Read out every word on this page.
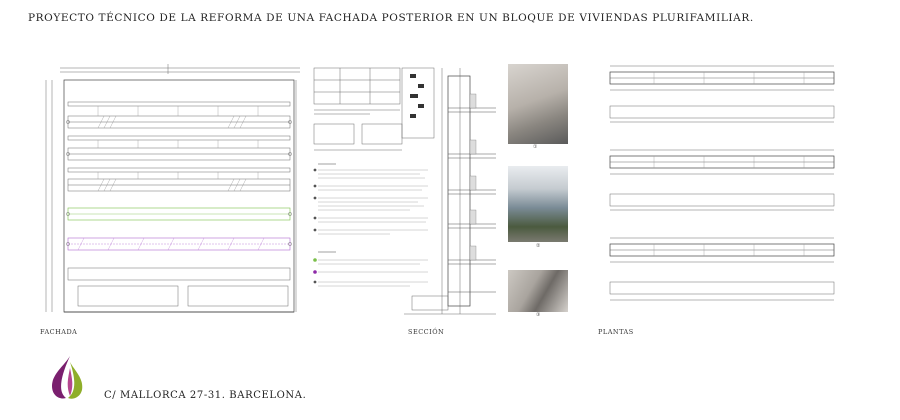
PROYECTO TÉCNICO DE LA REFORMA DE UNA FACHADA POSTERIOR EN UN BLOQUE DE VIVIENDAS PLURIFAMILIAR.
FACHADA	SECCIÓN
①
②
③
PLANTAS
C/ MALLORCA 27-31. BARCELONA.
